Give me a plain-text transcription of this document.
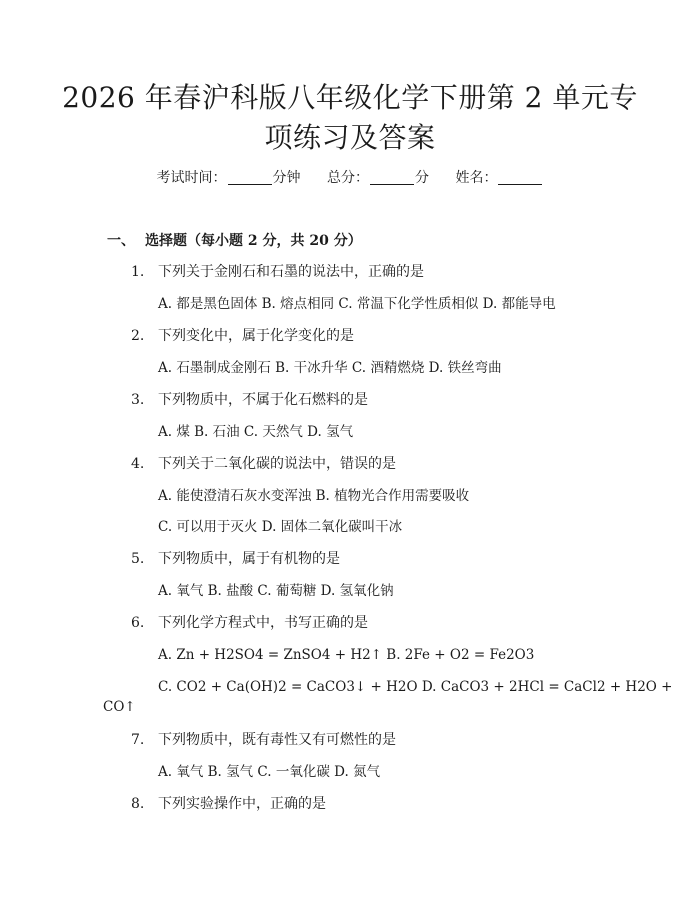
2026 年春沪科版八年级化学下册第 2 单元专
项练习及答案
考试时间：	分钟 总分：	分 姓名：
一、 选择题（每小题 2 分，共 20 分）
1. 下列关于金刚石和石墨的说法中，正确的是
A. 都是黑色固体 B. 熔点相同 C. 常温下化学性质相似 D. 都能导电
2. 下列变化中，属于化学变化的是
A. 石墨制成金刚石 B. 干冰升华 C. 酒精燃烧 D. 铁丝弯曲
3. 下列物质中，不属于化石燃料的是
A. 煤 B. 石油 C. 天然气 D. 氢气
4. 下列关于二氧化碳的说法中，错误的是
A. 能使澄清石灰水变浑浊 B. 植物光合作用需要吸收
C. 可以用于灭火 D. 固体二氧化碳叫干冰
5. 下列物质中，属于有机物的是
A. 氧气 B. 盐酸 C. 葡萄糖 D. 氢氧化钠
6. 下列化学方程式中，书写正确的是
A. Zn + H2SO4 = ZnSO4 + H2↑ B. 2Fe + O2 = Fe2O3
C. CO2 + Ca(OH)2 = CaCO3↓ + H2O D. CaCO3 + 2HCl = CaCl2 + H2O +
CO↑
7. 下列物质中，既有毒性又有可燃性的是
A. 氧气 B. 氢气 C. 一氧化碳 D. 氮气
8. 下列实验操作中，正确的是
